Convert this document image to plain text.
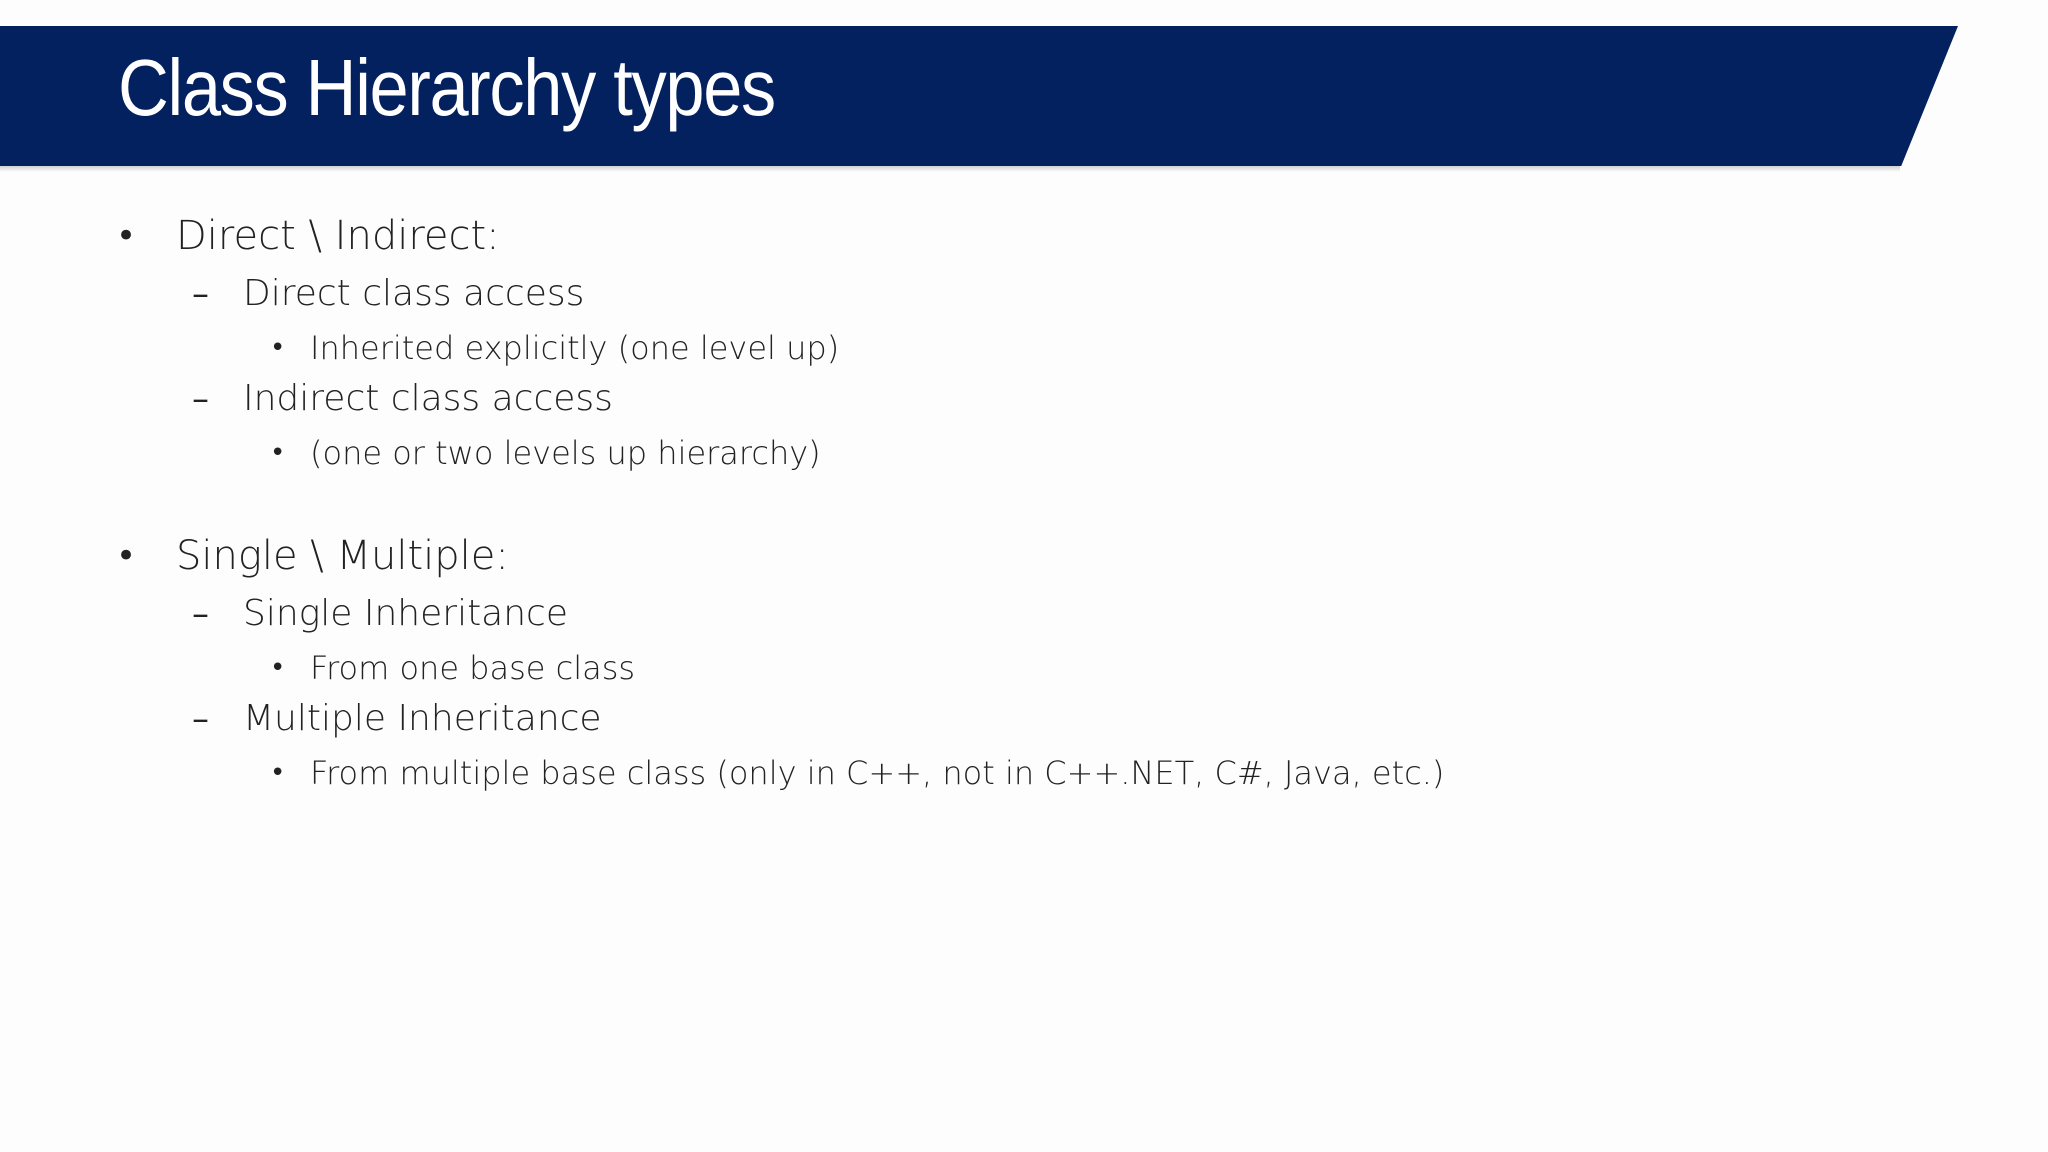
Class Hierarchy types
• Direct \ Indirect:
– Direct class access
• Inherited explicitly (one level up)
– Indirect class access
• (one or two levels up hierarchy)
• Single \ Multiple:
– Single Inheritance
• From one base class
– Multiple Inheritance
• From multiple base class (only in C++, not in C++.NET, C#, Java, etc.)
